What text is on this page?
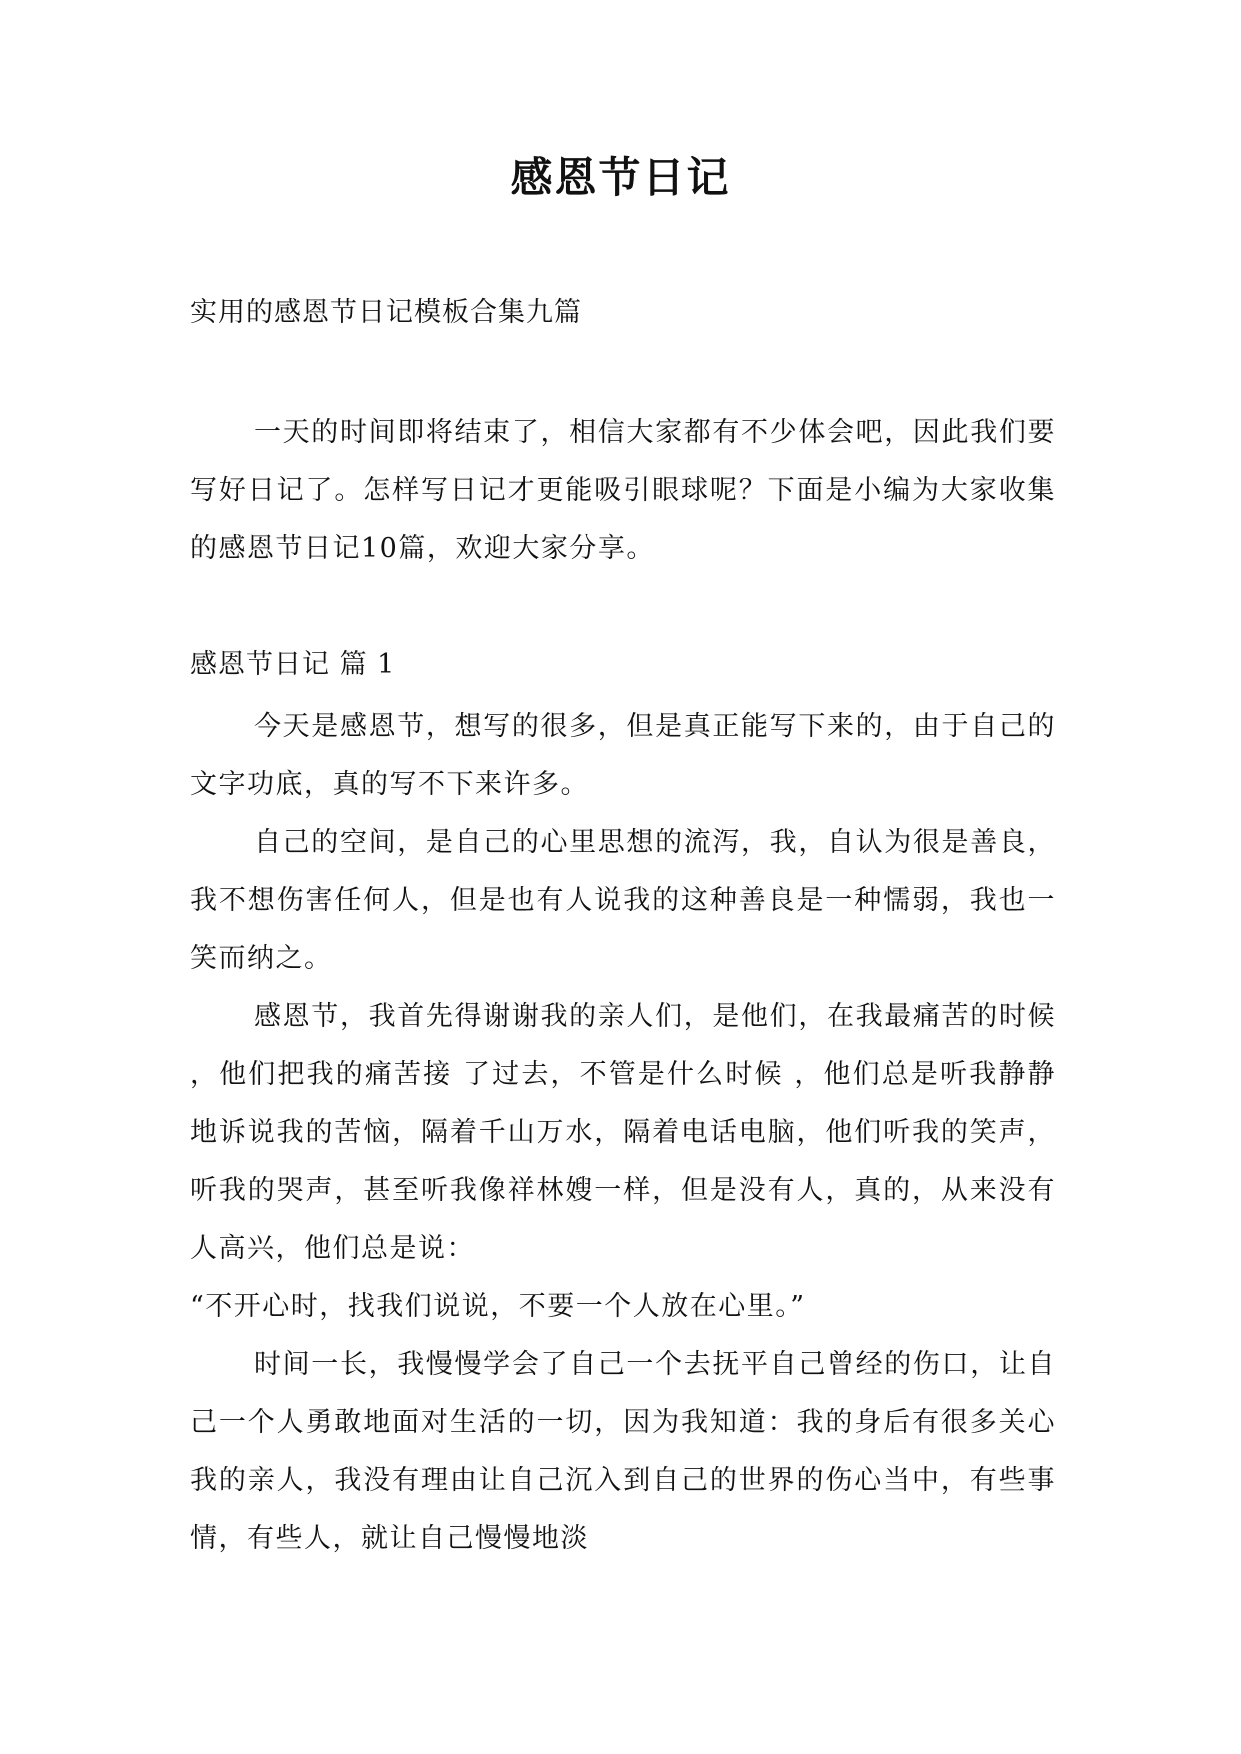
感恩节日记

实用的感恩节日记模板合集九篇

一天的时间即将结束了，相信大家都有不少体会吧，因此我们要写好日记了。怎样写日记才更能吸引眼球呢？下面是小编为大家收集的感恩节日记10篇，欢迎大家分享。

感恩节日记 篇 1

今天是感恩节，想写的很多，但是真正能写下来的，由于自己的文字功底，真的写不下来许多。

自己的空间，是自己的心里思想的流泻，我，自认为很是善良，我不想伤害任何人，但是也有人说我的这种善良是一种懦弱，我也一笑而纳之。

感恩节，我首先得谢谢我的亲人们，是他们，在我最痛苦的时候 ，他们把我的痛苦接 了过去，不管是什么时候 ，他们总是听我静静地诉说我的苦恼，隔着千山万水，隔着电话电脑，他们听我的笑声，听我的哭声，甚至听我像祥林嫂一样，但是没有人，真的，从来没有人高兴，他们总是说：

“不开心时，找我们说说，不要一个人放在心里。”

时间一长，我慢慢学会了自己一个去抚平自己曾经的伤口，让自己一个人勇敢地面对生活的一切，因为我知道：我的身后有很多关心我的亲人，我没有理由让自己沉入到自己的世界的伤心当中，有些事情，有些人，就让自己慢慢地淡
